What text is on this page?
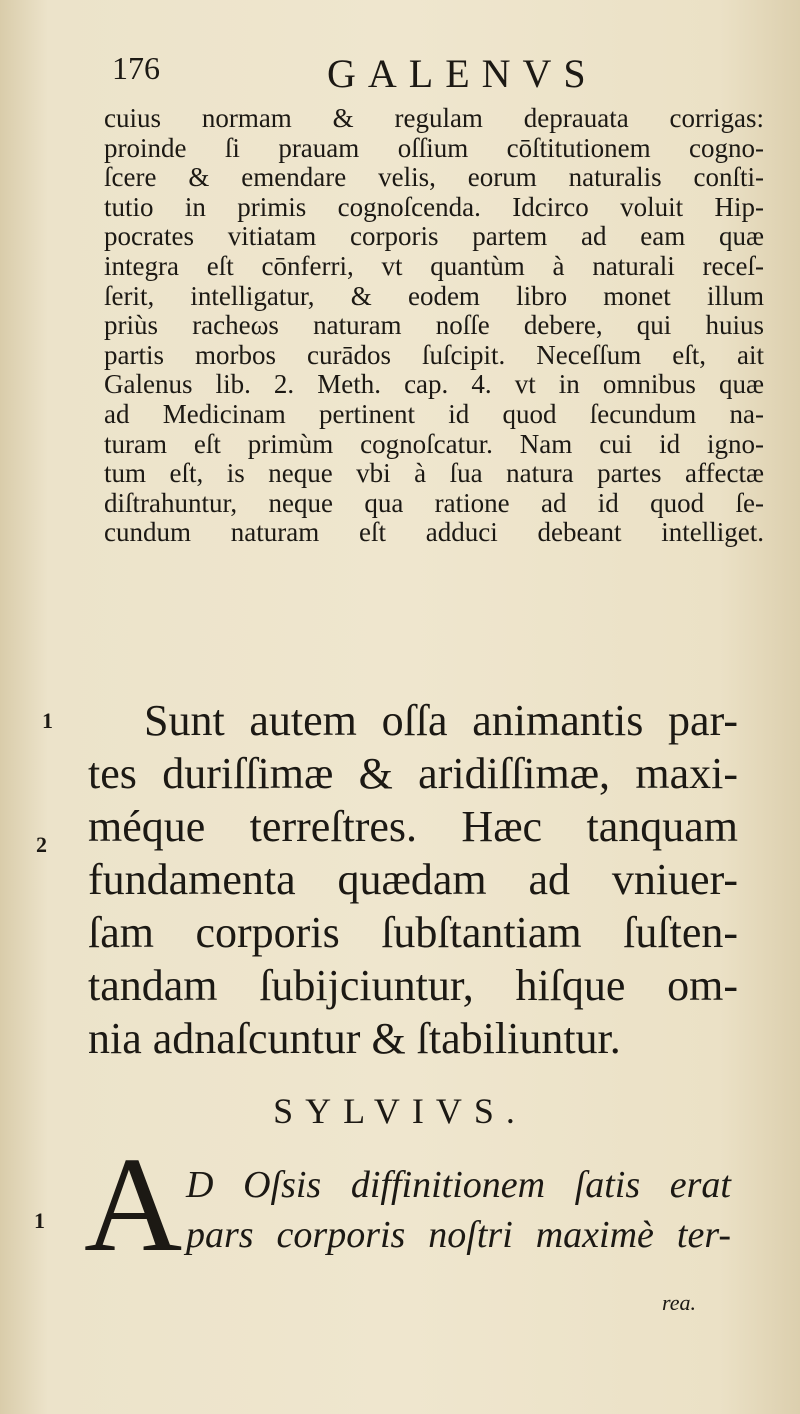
176	GALENVS
cuius normam & regulam deprauata corrigas:
proinde ſi prauam oſſium cōſtitutionem cogno-
ſcere & emendare velis, eorum naturalis conſti-
tutio in primis cognoſcenda. Idcirco voluit Hip-
pocrates vitiatam corporis partem ad eam quæ
integra eſt cōnferri, vt quantùm à naturali receſ-
ſerit, intelligatur, & eodem libro monet illum
priùs racheωs naturam noſſe debere, qui huius
partis morbos curādos ſuſcipit. Neceſſum eſt, ait
Galenus lib. 2. Meth. cap. 4. vt in omnibus quæ
ad Medicinam pertinent id quod ſecundum na-
turam eſt primùm cognoſcatur. Nam cui id igno-
tum eſt, is neque vbi à ſua natura partes affectæ
diſtrahuntur, neque qua ratione ad id quod ſe-
cundum naturam eſt adduci debeant intelliget.
1
2
1
Sunt autem oſſa animantis par-
tes duriſſimæ & aridiſſimæ, maxi-
méque terreſtres. Hæc tanquam
fundamenta quædam ad vniuer-
ſam corporis ſubſtantiam ſuſten-
tandam ſubijciuntur, hiſque om-
nia adnaſcuntur & ſtabiliuntur.
SYLVIVS.
A D Oſsis diffinitionem ſatis erat
pars corporis noſtri maximè ter-
rea.
